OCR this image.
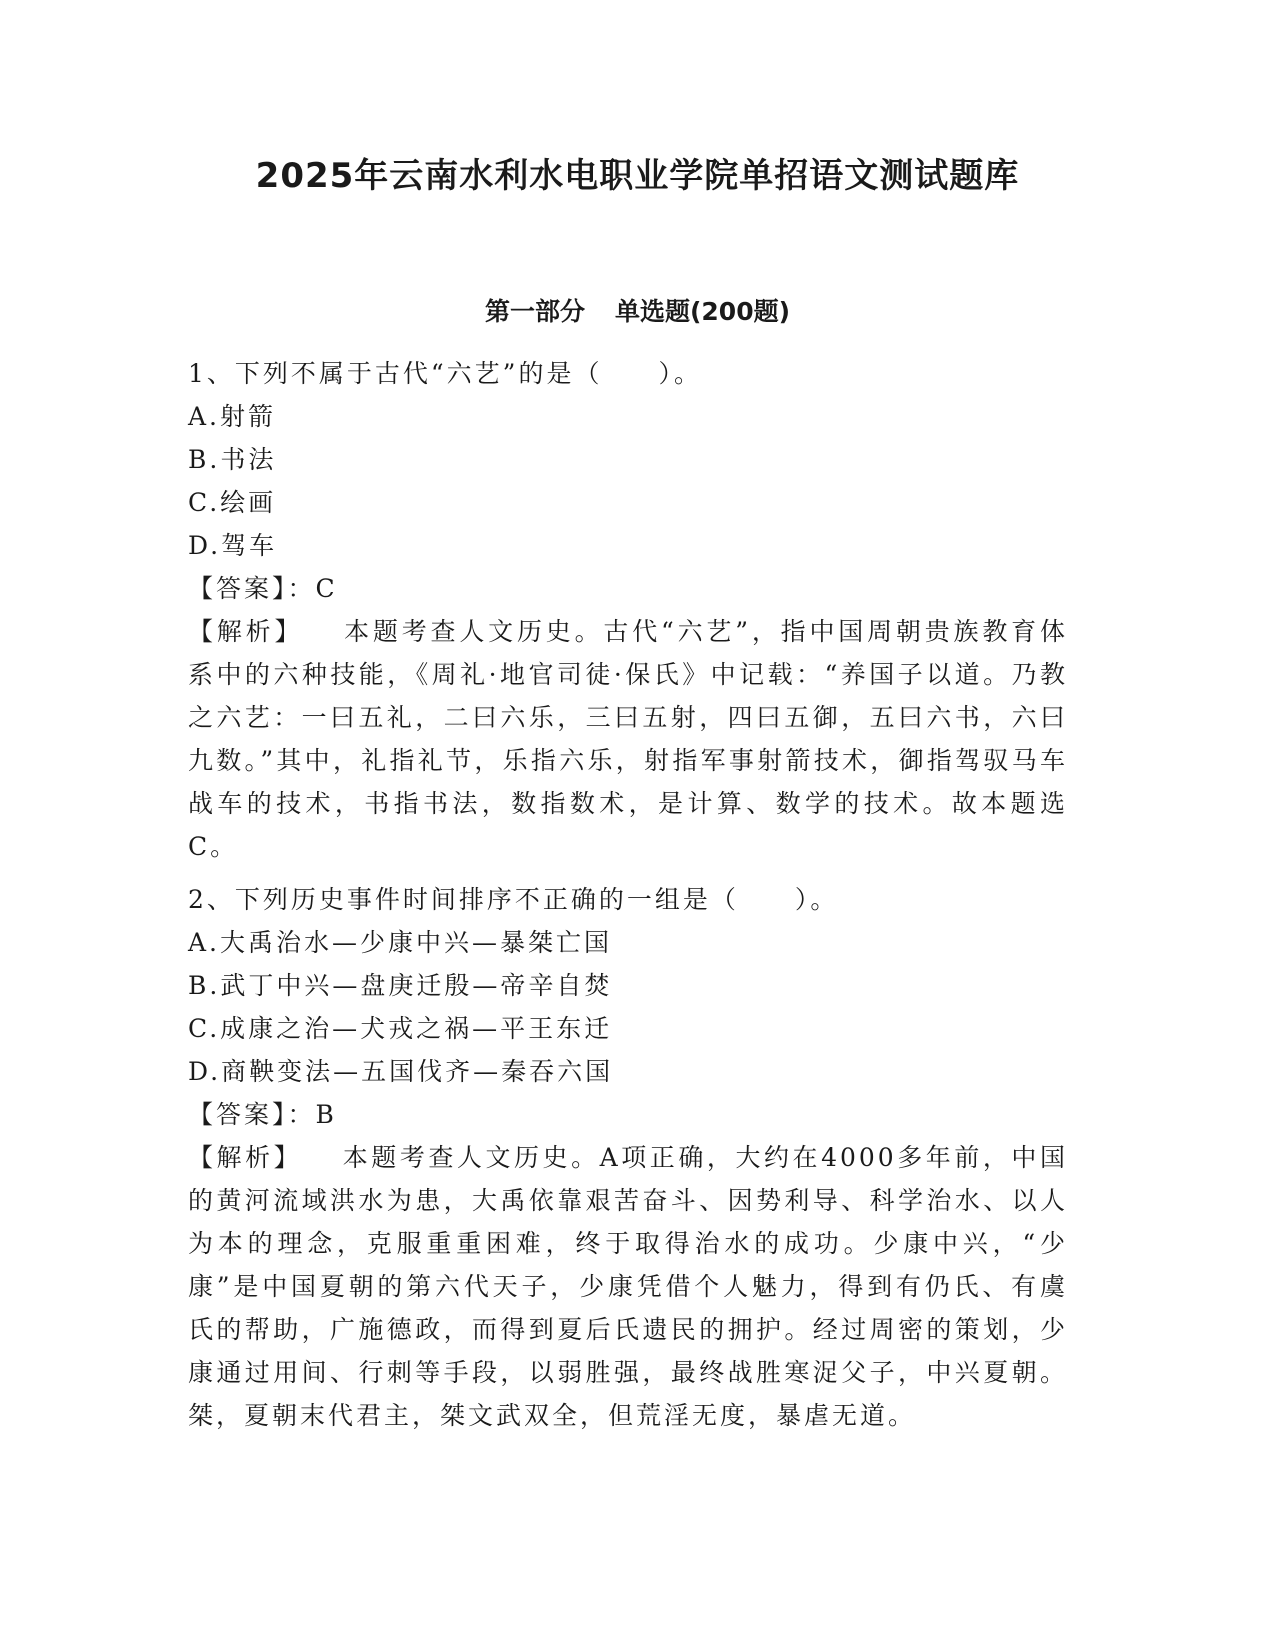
2025年云南水利水电职业学院单招语文测试题库
第一部分 单选题(200题)
1、下列不属于古代“六艺”的是（　　）。
A.射箭
B.书法
C.绘画
D.驾车
【答案】：C
【解析】 本题考查人文历史。古代“六艺”，指中国周朝贵族教育体系中的六种技能，《周礼·地官司徒·保氏》中记载：“养国子以道。乃教之六艺：一曰五礼，二曰六乐，三曰五射，四曰五御，五曰六书，六曰九数。”其中，礼指礼节，乐指六乐，射指军事射箭技术，御指驾驭马车战车的技术，书指书法，数指数术，是计算、数学的技术。故本题选C。
2、下列历史事件时间排序不正确的一组是（　　）。
A.大禹治水—少康中兴—暴桀亡国
B.武丁中兴—盘庚迁殷—帝辛自焚
C.成康之治—犬戎之祸—平王东迁
D.商鞅变法—五国伐齐—秦吞六国
【答案】：B
【解析】 本题考查人文历史。A项正确，大约在4000多年前，中国的黄河流域洪水为患，大禹依靠艰苦奋斗、因势利导、科学治水、以人为本的理念，克服重重困难，终于取得治水的成功。少康中兴，“少康”是中国夏朝的第六代天子，少康凭借个人魅力，得到有仍氏、有虞氏的帮助，广施德政，而得到夏后氏遗民的拥护。经过周密的策划，少康通过用间、行刺等手段，以弱胜强，最终战胜寒浞父子，中兴夏朝。桀，夏朝末代君主，桀文武双全，但荒淫无度，暴虐无道。
